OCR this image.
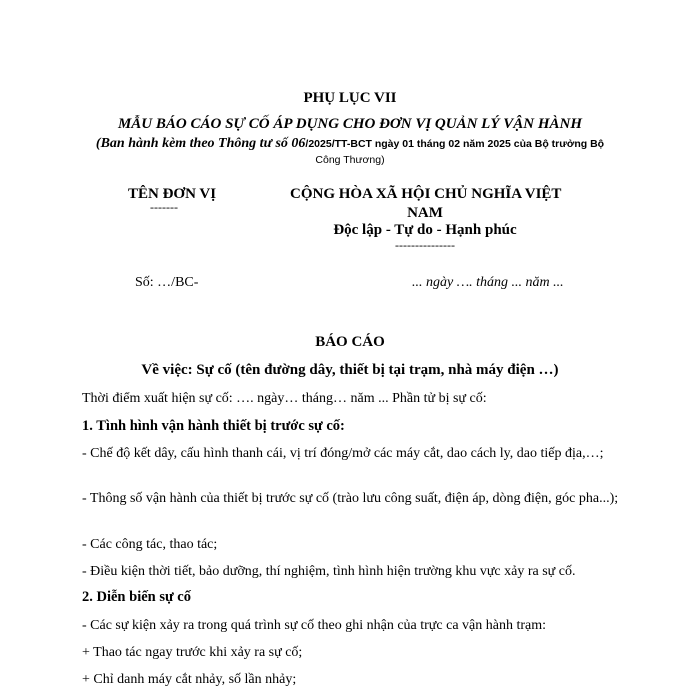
PHỤ LỤC VII
MẪU BÁO CÁO SỰ CỐ ÁP DỤNG CHO ĐƠN VỊ QUẢN LÝ VẬN HÀNH
(Ban hành kèm theo Thông tư số 06/2025/TT-BCT ngày 01 tháng 02 năm 2025 của Bộ trưởng Bộ
Công Thương)
TÊN ĐƠN VỊ
-------
CỘNG HÒA XÃ HỘI CHỦ NGHĨA VIỆT
NAM
Độc lập - Tự do - Hạnh phúc
---------------
Số: …/BC-	... ngày …. tháng ... năm ...
BÁO CÁO
Về việc: Sự cố (tên đường dây, thiết bị tại trạm, nhà máy điện …)
Thời điểm xuất hiện sự cố: …. ngày… tháng… năm ... Phần tử bị sự cố:
1. Tình hình vận hành thiết bị trước sự cố:
- Chế độ kết dây, cấu hình thanh cái, vị trí đóng/mở các máy cắt, dao cách ly, dao tiếp địa,…;
- Thông số vận hành của thiết bị trước sự cố (trào lưu công suất, điện áp, dòng điện, góc pha...);
- Các công tác, thao tác;
- Điều kiện thời tiết, bảo dưỡng, thí nghiệm, tình hình hiện trường khu vực xảy ra sự cố.
2. Diễn biến sự cố
- Các sự kiện xảy ra trong quá trình sự cố theo ghi nhận của trực ca vận hành trạm:
+ Thao tác ngay trước khi xảy ra sự cố;
+ Chỉ danh máy cắt nhảy, số lần nhảy;
